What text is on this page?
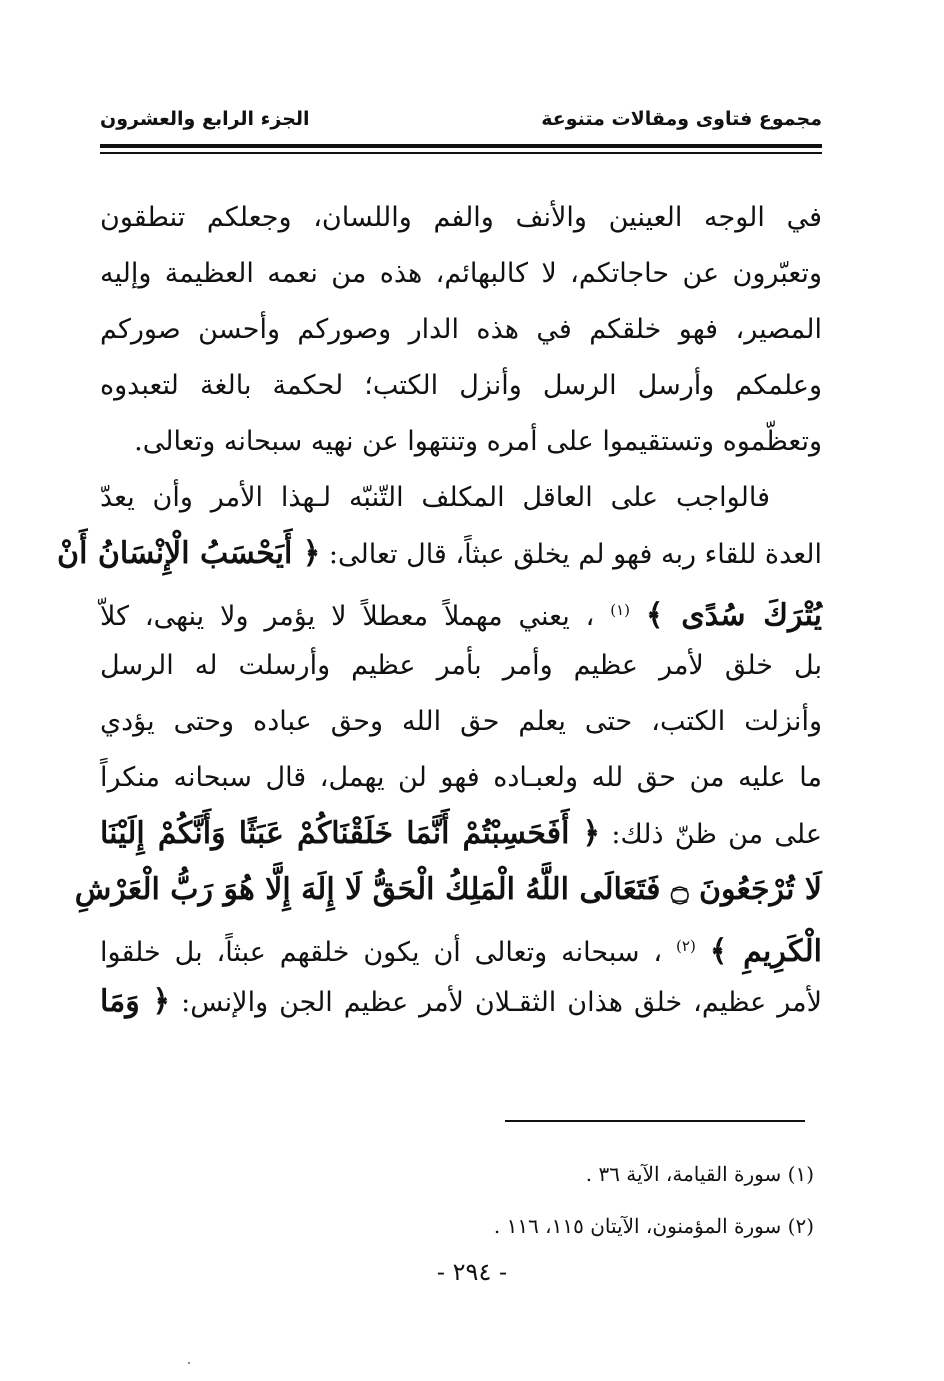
مجموع فتاوى ومقالات متنوعة
الجزء الرابع والعشرون
في الوجه العينين والأنف والفم واللسان، وجعلكم تنطقون
وتعبّرون عن حاجاتكم، لا كالبهائم، هذه من نعمه العظيمة وإليه
المصير، فهو خلقكم في هذه الدار وصوركم وأحسن صوركم
وعلمكم وأرسل الرسل وأنزل الكتب؛ لحكمة بالغة لتعبدوه
وتعظّموه وتستقيموا على أمره وتنتهوا عن نهيه سبحانه وتعالى.
فالواجب على العاقل المكلف التّنبّه لـهذا الأمر وأن يعدّ
العدة للقاء ربه فهو لم يخلق عبثاً، قال تعالى: ﴿ أَيَحْسَبُ الْإِنْسَانُ أَنْ
يُتْرَكَ سُدًى ﴾ $^{(١)}$ ، يعني مهملاً معطلاً لا يؤمر ولا ينهى، كلاّ
بل خلق لأمر عظيم وأمر بأمر عظيم وأرسلت له الرسل
وأنزلت الكتب، حتى يعلم حق الله وحق عباده وحتى يؤدي
ما عليه من حق لله ولعبـاده فهو لن يهمل، قال سبحانه منكراً
على من ظنّ ذلك: ﴿ أَفَحَسِبْتُمْ أَنَّمَا خَلَقْنَاكُمْ عَبَثًا وَأَنَّكُمْ إِلَيْنَا
لَا تُرْجَعُونَ ۝ فَتَعَالَى اللَّهُ الْمَلِكُ الْحَقُّ لَا إِلَهَ إِلَّا هُوَ رَبُّ الْعَرْشِ
الْكَرِيمِ ﴾ $^{(٢)}$ ، سبحانه وتعالى أن يكون خلقهم عبثاً، بل خلقوا
لأمر عظيم، خلق هذان الثقـلان لأمر عظيم الجن والإنس: ﴿ وَمَا
(١) سورة القيامة، الآية ٣٦ .
(٢) سورة المؤمنون، الآيتان ١١٥، ١١٦ .
- ٢٩٤ -
